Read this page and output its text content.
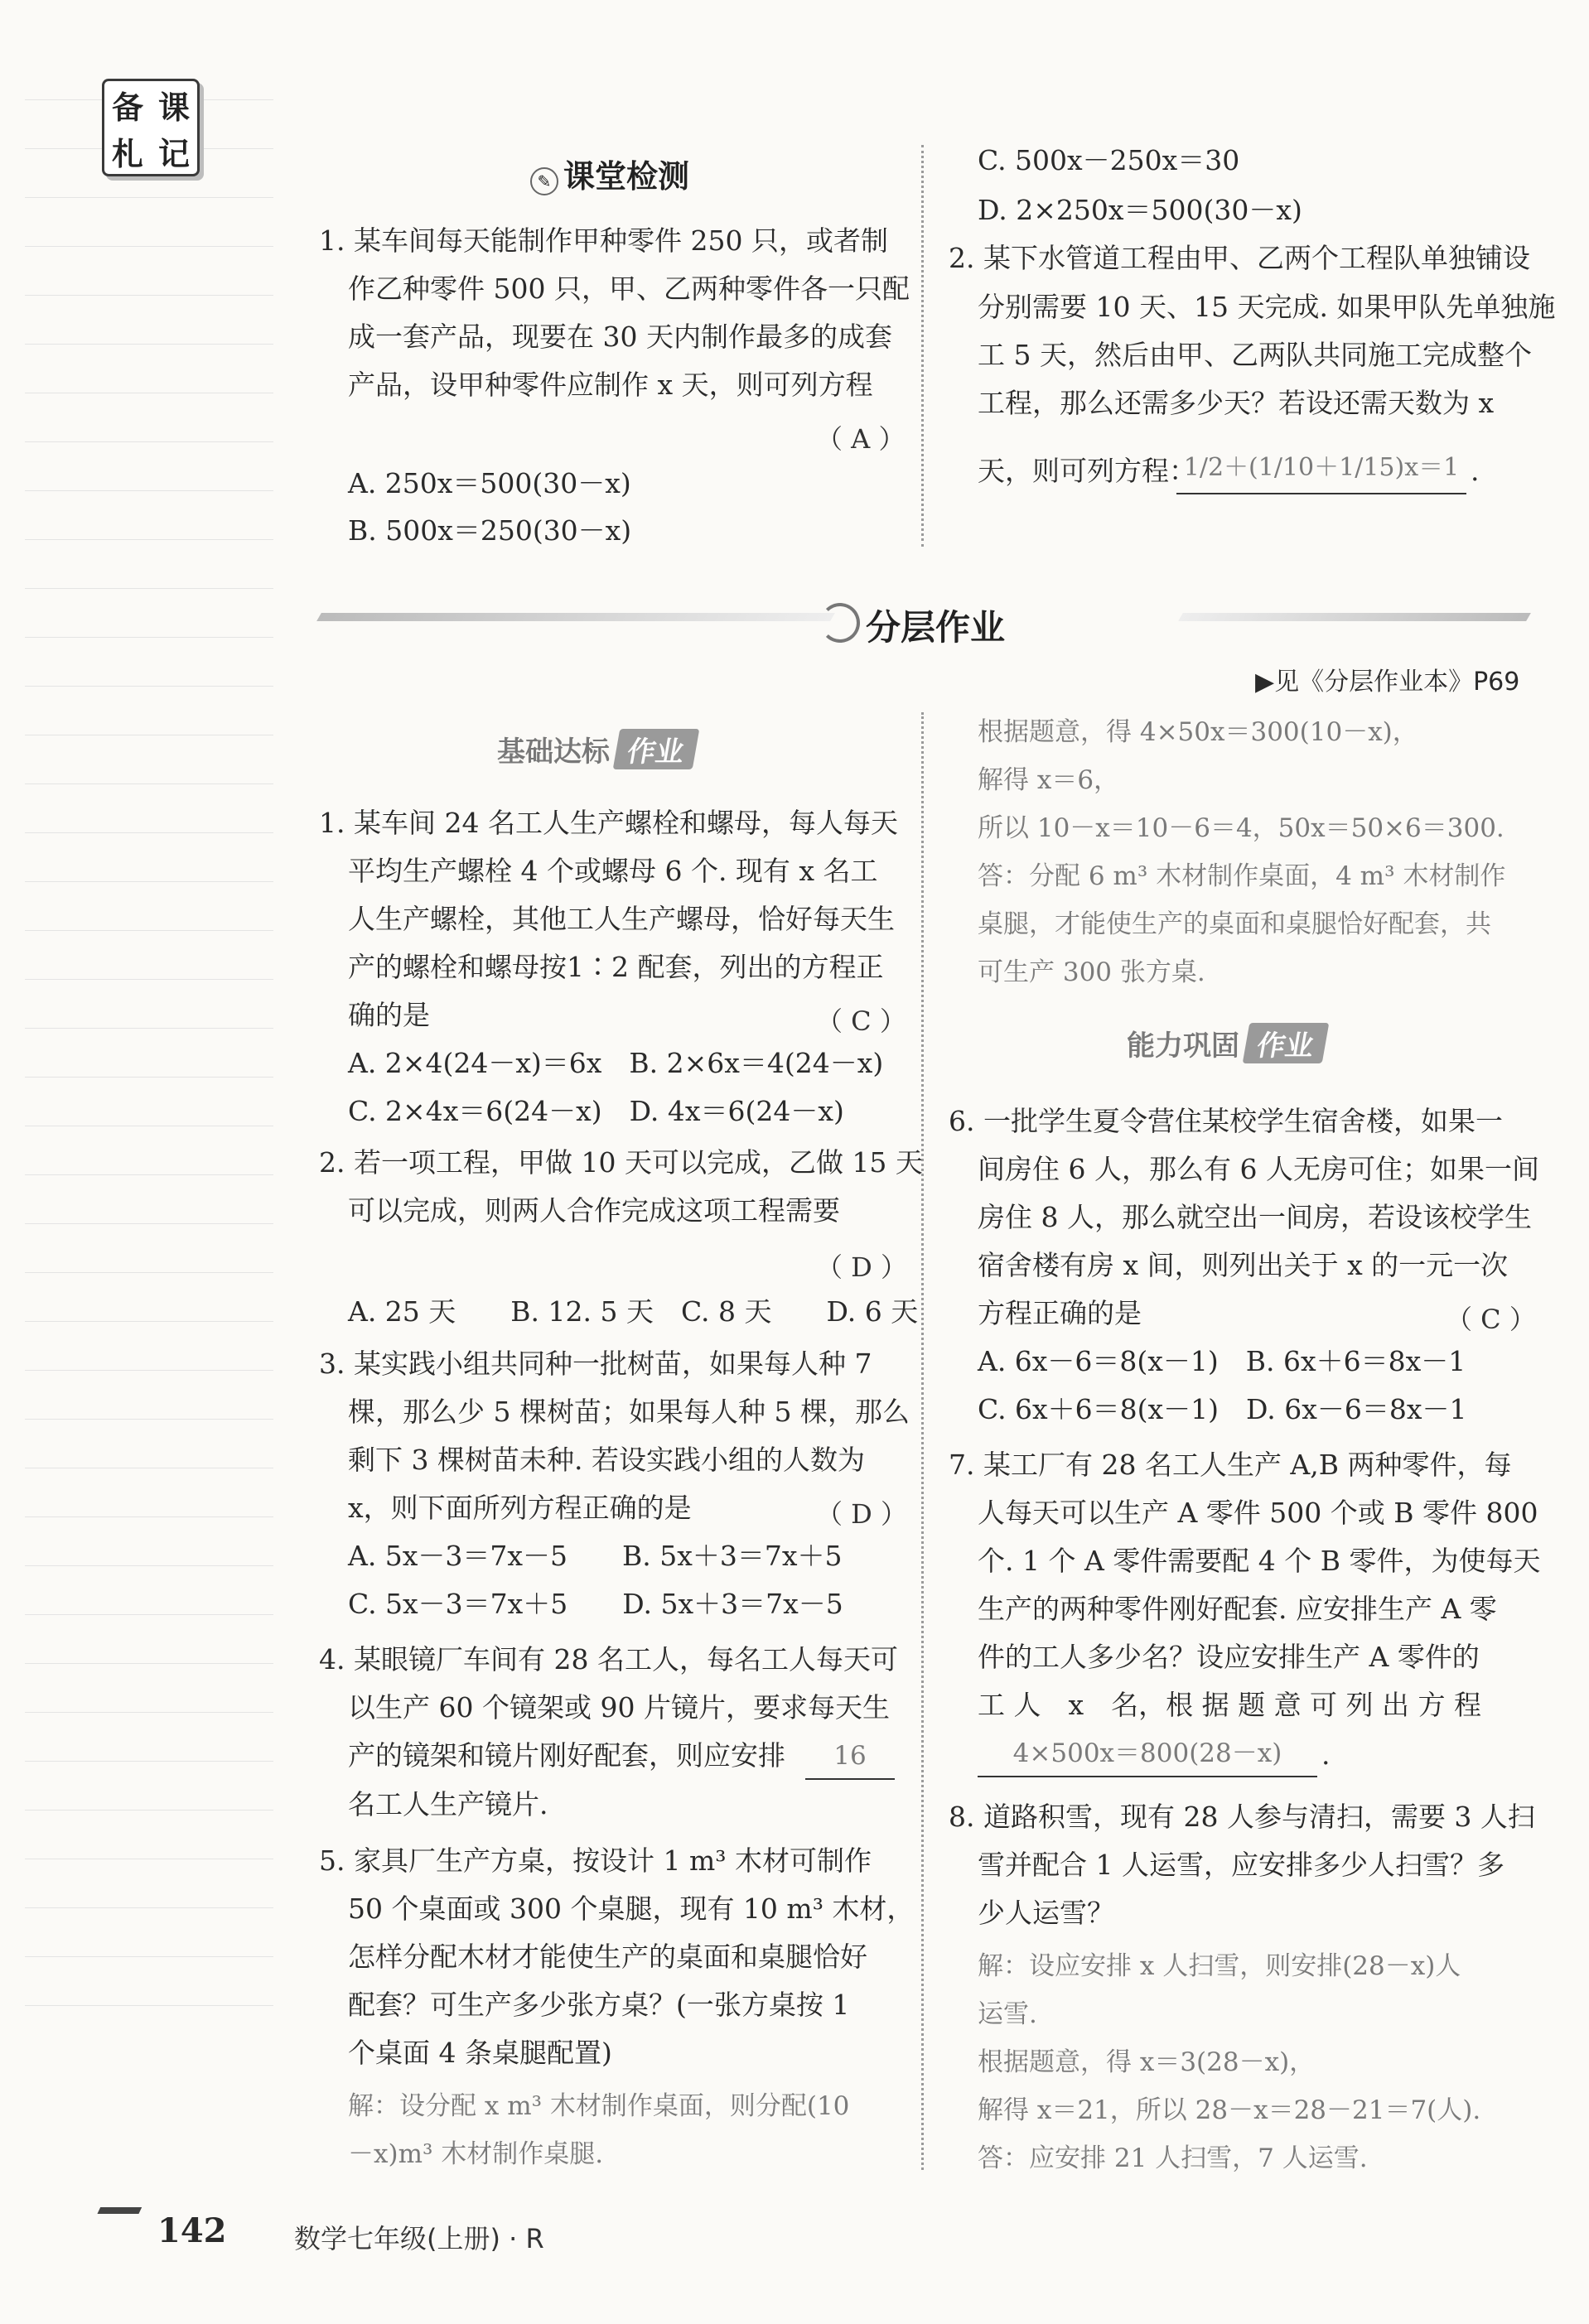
备 课
札 记
✎ 课堂检测
1. 某车间每天能制作甲种零件 250 只，或者制
作乙种零件 500 只，甲、乙两种零件各一只配
成一套产品，现要在 30 天内制作最多的成套
产品，设甲种零件应制作 x 天，则可列方程
（ A ）
A. 250x＝500(30－x)
B. 500x＝250(30－x)
C. 500x－250x＝30
D. 2×250x＝500(30－x)
2. 某下水管道工程由甲、乙两个工程队单独铺设
分别需要 10 天、15 天完成. 如果甲队先单独施
工 5 天，然后由甲、乙两队共同施工完成整个
工程，那么还需多少天？若设还需天数为 x
天，则可列方程：
1/2＋(1/10＋1/15)x＝1 .
分层作业
▶见《分层作业本》P69
基础达标 作业
1. 某车间 24 名工人生产螺栓和螺母，每人每天
平均生产螺栓 4 个或螺母 6 个. 现有 x 名工
人生产螺栓，其他工人生产螺母，恰好每天生
产的螺栓和螺母按1∶2 配套，列出的方程正
确的是	（ C ）
A. 2×4(24－x)＝6x　B. 2×6x＝4(24－x)
C. 2×4x＝6(24－x)　D. 4x＝6(24－x)
2. 若一项工程，甲做 10 天可以完成，乙做 15 天
可以完成，则两人合作完成这项工程需要
（ D ）
A. 25 天　　B. 12. 5 天　C. 8 天　　D. 6 天
3. 某实践小组共同种一批树苗，如果每人种 7
棵，那么少 5 棵树苗；如果每人种 5 棵，那么
剩下 3 棵树苗未种. 若设实践小组的人数为
x，则下面所列方程正确的是	（ D ）
A. 5x－3＝7x－5　　B. 5x＋3＝7x＋5
C. 5x－3＝7x＋5　　D. 5x＋3＝7x－5
4. 某眼镜厂车间有 28 名工人，每名工人每天可
以生产 60 个镜架或 90 片镜片，要求每天生
产的镜架和镜片刚好配套，则应安排	16
名工人生产镜片.
5. 家具厂生产方桌，按设计 1 m³ 木材可制作
50 个桌面或 300 个桌腿，现有 10 m³ 木材，
怎样分配木材才能使生产的桌面和桌腿恰好
配套？可生产多少张方桌？(一张方桌按 1
个桌面 4 条桌腿配置)
解：设分配 x m³ 木材制作桌面，则分配(10
－x)m³ 木材制作桌腿.
根据题意，得 4×50x＝300(10－x)，
解得 x＝6，
所以 10－x＝10－6＝4，50x＝50×6＝300.
答：分配 6 m³ 木材制作桌面，4 m³ 木材制作
桌腿，才能使生产的桌面和桌腿恰好配套，共
可生产 300 张方桌.
能力巩固 作业
6. 一批学生夏令营住某校学生宿舍楼，如果一
间房住 6 人，那么有 6 人无房可住；如果一间
房住 8 人，那么就空出一间房，若设该校学生
宿舍楼有房 x 间，则列出关于 x 的一元一次
方程正确的是	（ C ）
A. 6x－6＝8(x－1)　B. 6x＋6＝8x－1
C. 6x＋6＝8(x－1)　D. 6x－6＝8x－1
7. 某工厂有 28 名工人生产 A,B 两种零件，每
人每天可以生产 A 零件 500 个或 B 零件 800
个. 1 个 A 零件需要配 4 个 B 零件，为使每天
生产的两种零件刚好配套. 应安排生产 A 零
件的工人多少名？设应安排生产 A 零件的
工 人　x　名，根 据 题 意 可 列 出 方 程
4×500x＝800(28－x)	.
8. 道路积雪，现有 28 人参与清扫，需要 3 人扫
雪并配合 1 人运雪，应安排多少人扫雪？多
少人运雪？
解：设应安排 x 人扫雪，则安排(28－x)人
运雪.
根据题意，得 x＝3(28－x)，
解得 x＝21，所以 28－x＝28－21＝7(人).
答：应安排 21 人扫雪，7 人运雪.
142	数学七年级(上册) · R
